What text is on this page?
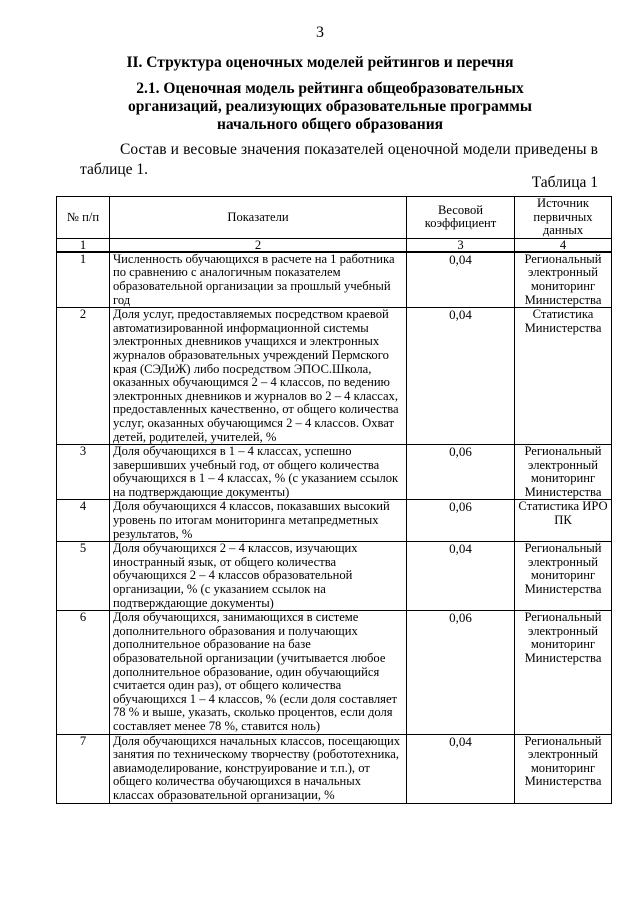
3
II. Структура оценочных моделей рейтингов и перечня
2.1. Оценочная модель рейтинга общеобразовательных организаций, реализующих образовательные программы начального общего образования
Состав и весовые значения показателей оценочной модели приведены в таблице 1.
Таблица 1
№ п/п	Показатели	Весовой коэффициент	Источник первичных данных
1	2	3	4
1	Численность обучающихся в расчете на 1 работника по сравнению с аналогичным показателем образовательной организации за прошлый учебный год	0,04	Региональный электронный мониторинг Министерства
2	Доля услуг, предоставляемых посредством краевой автоматизированной информационной системы электронных дневников учащихся и электронных журналов образовательных учреждений Пермского края (СЭДиЖ) либо посредством ЭПОС.Школа, оказанных обучающимся 2 – 4 классов, по ведению электронных дневников и журналов во 2 – 4 классах, предоставленных качественно, от общего количества услуг, оказанных обучающимся 2 – 4 классов. Охват детей, родителей, учителей, %	0,04	Статистика Министерства
3	Доля обучающихся в 1 – 4 классах, успешно завершивших учебный год, от общего количества обучающихся в 1 – 4 классах, % (с указанием ссылок на подтверждающие документы)	0,06	Региональный электронный мониторинг Министерства
4	Доля обучающихся 4 классов, показавших высокий уровень по итогам мониторинга метапредметных результатов, %	0,06	Статистика ИРО ПК
5	Доля обучающихся 2 – 4 классов, изучающих иностранный язык, от общего количества обучающихся 2 – 4 классов образовательной организации, % (с указанием ссылок на подтверждающие документы)	0,04	Региональный электронный мониторинг Министерства
6	Доля обучающихся, занимающихся в системе дополнительного образования и получающих дополнительное образование на базе образовательной организации (учитывается любое дополнительное образование, один обучающийся считается один раз), от общего количества обучающихся 1 – 4 классов, % (если доля составляет 78 % и выше, указать, сколько процентов, если доля составляет менее 78 %, ставится ноль)	0,06	Региональный электронный мониторинг Министерства
7	Доля обучающихся начальных классов, посещающих занятия по техническому творчеству (робототехника, авиамоделирование, конструирование и т.п.), от общего количества обучающихся в начальных классах образовательной организации, %	0,04	Региональный электронный мониторинг Министерства
